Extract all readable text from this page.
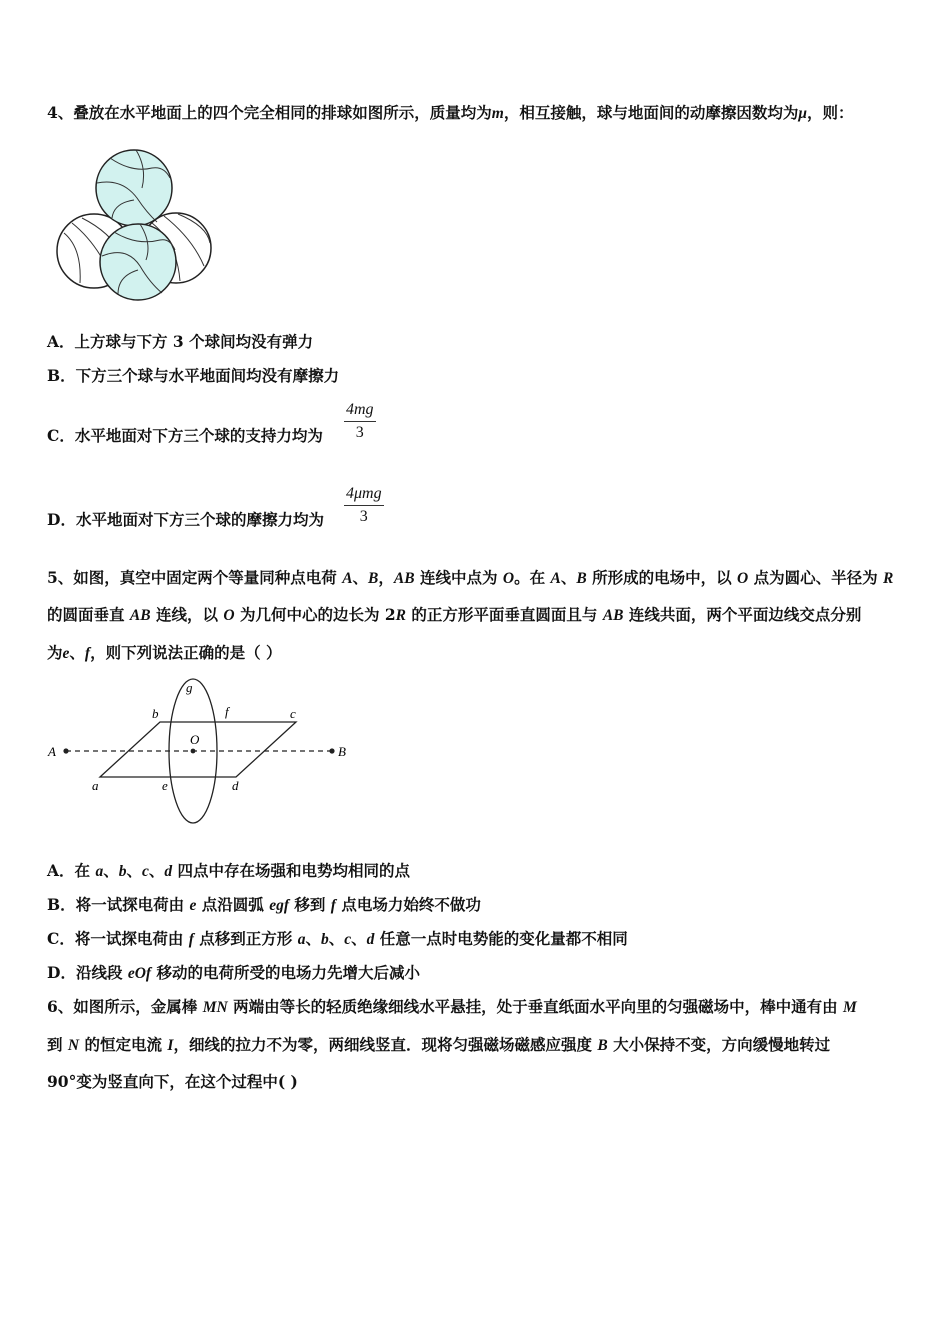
4、叠放在水平地面上的四个完全相同的排球如图所示，质量均为m，相互接触，球与地面间的动摩擦因数均为μ，则：
A．上方球与下方 3 个球间均没有弹力
B．下方三个球与水平地面间均没有摩擦力
C．水平地面对下方三个球的支持力均为 $\frac{4mg}{3}$
D．水平地面对下方三个球的摩擦力均为
4μmg
3
5、如图，真空中固定两个等量同种点电荷 A、B，AB 连线中点为 O。在 A、B 所形成的电场中，以 O 点为圆心、半径为 R
的圆面垂直 AB 连线，以 O 为几何中心的边长为 2R 的正方形平面垂直圆面且与 AB 连线共面，两个平面边线交点分别
为e、f，则下列说法正确的是（ ）
A	B
O
a
b	c
d
e
f
g
A．在 a、b、c、d 四点中存在场强和电势均相同的点
B．将一试探电荷由 e 点沿圆弧 egf 移到 f 点电场力始终不做功
C．将一试探电荷由 f 点移到正方形 a、b、c、d 任意一点时电势能的变化量都不相同
D．沿线段 eOf 移动的电荷所受的电场力先增大后减小
6、如图所示，金属棒 MN 两端由等长的轻质绝缘细线水平悬挂，处于垂直纸面水平向里的匀强磁场中，棒中通有由 M
到 N 的恒定电流 I，细线的拉力不为零，两细线竖直．现将匀强磁场磁感应强度 B 大小保持不变，方向缓慢地转过
90°变为竖直向下，在这个过程中( )
